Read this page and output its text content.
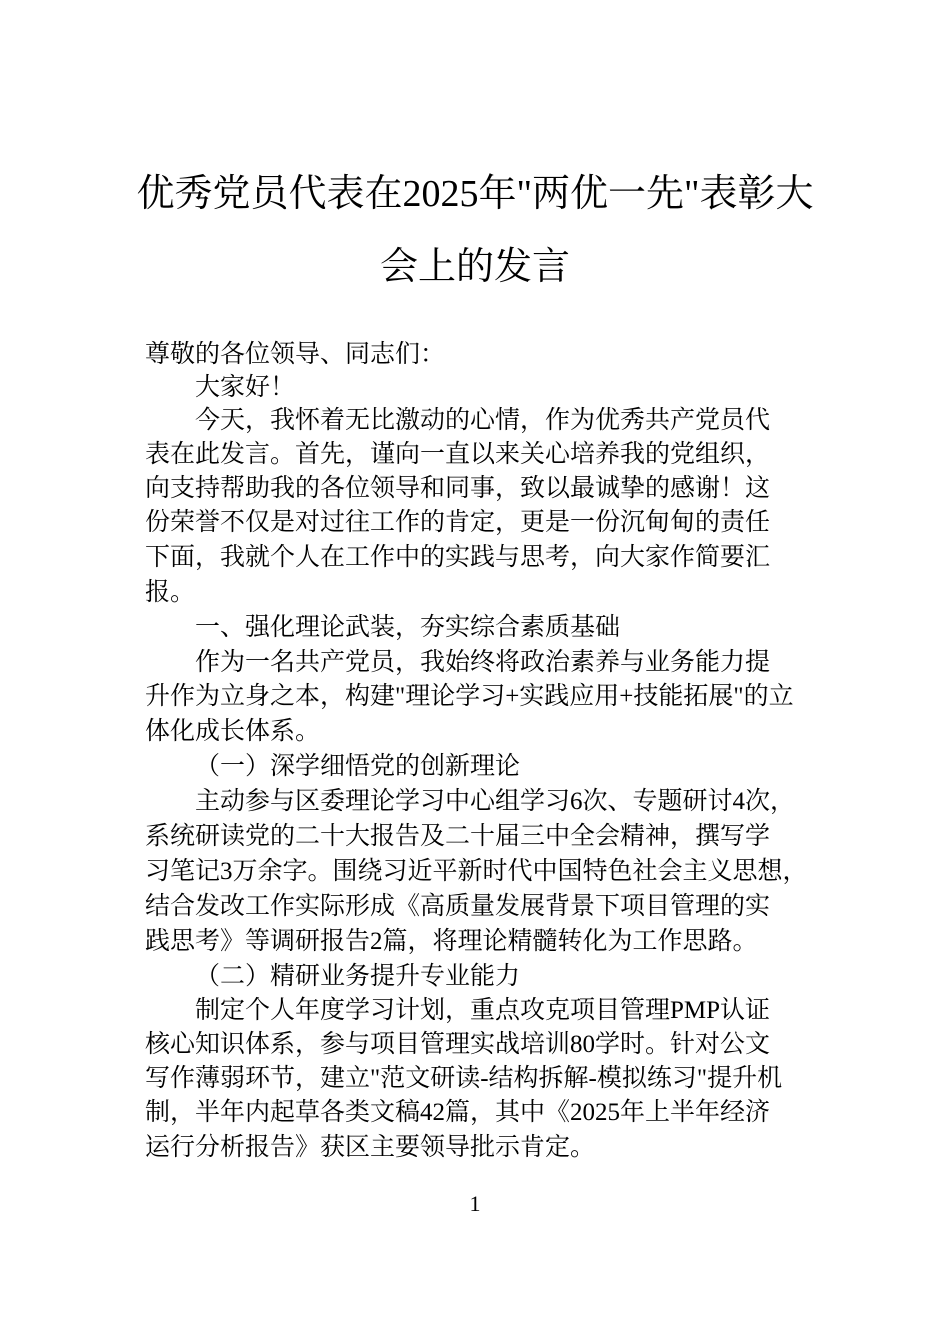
优秀党员代表在2025年"两优一先"表彰大
会上的发言
尊敬的各位领导、同志们：
大家好！
今天，我怀着无比激动的心情，作为优秀共产党员代
表在此发言。首先，谨向一直以来关心培养我的党组织，
向支持帮助我的各位领导和同事，致以最诚挚的感谢！这
份荣誉不仅是对过往工作的肯定，更是一份沉甸甸的责任
下面，我就个人在工作中的实践与思考，向大家作简要汇
报。
一、强化理论武装，夯实综合素质基础
作为一名共产党员，我始终将政治素养与业务能力提
升作为立身之本，构建"理论学习+实践应用+技能拓展"的立
体化成长体系。
（一）深学细悟党的创新理论
主动参与区委理论学习中心组学习6次、专题研讨4次，
系统研读党的二十大报告及二十届三中全会精神，撰写学
习笔记3万余字。围绕习近平新时代中国特色社会主义思想，
结合发改工作实际形成《高质量发展背景下项目管理的实
践思考》等调研报告2篇，将理论精髓转化为工作思路。
（二）精研业务提升专业能力
制定个人年度学习计划，重点攻克项目管理PMP认证
核心知识体系，参与项目管理实战培训80学时。针对公文
写作薄弱环节，建立"范文研读-结构拆解-模拟练习"提升机
制，半年内起草各类文稿42篇，其中《2025年上半年经济
运行分析报告》获区主要领导批示肯定。
1
